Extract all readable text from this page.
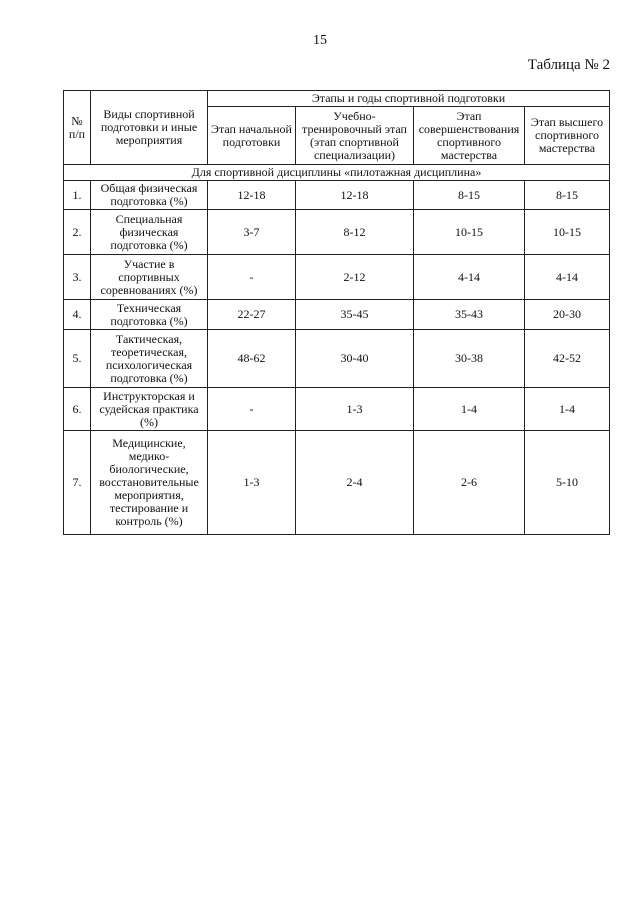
15
Таблица № 2
№ п/п	Виды спортивной подготовки и иные мероприятия	Этапы и годы спортивной подготовки			
		Этап начальной подготовки	Учебно-тренировочный этап (этап спортивной специализации)	Этап совершенствования спортивного мастерства	Этап высшего спортивного мастерства
Для спортивной дисциплины «пилотажная дисциплина»					
1.	Общая физическая подготовка (%)	12-18	12-18	8-15	8-15
2.	Специальная физическая подготовка (%)	3-7	8-12	10-15	10-15
3.	Участие в спортивных соревнованиях (%)	-	2-12	4-14	4-14
4.	Техническая подготовка (%)	22-27	35-45	35-43	20-30
5.	Тактическая, теоретическая, психологическая подготовка (%)	48-62	30-40	30-38	42-52
6.	Инструкторская и судейская практика (%)	-	1-3	1-4	1-4
7.	Медицинские, медико-биологические, восстановительные мероприятия, тестирование и контроль (%)	1-3	2-4	2-6	5-10
